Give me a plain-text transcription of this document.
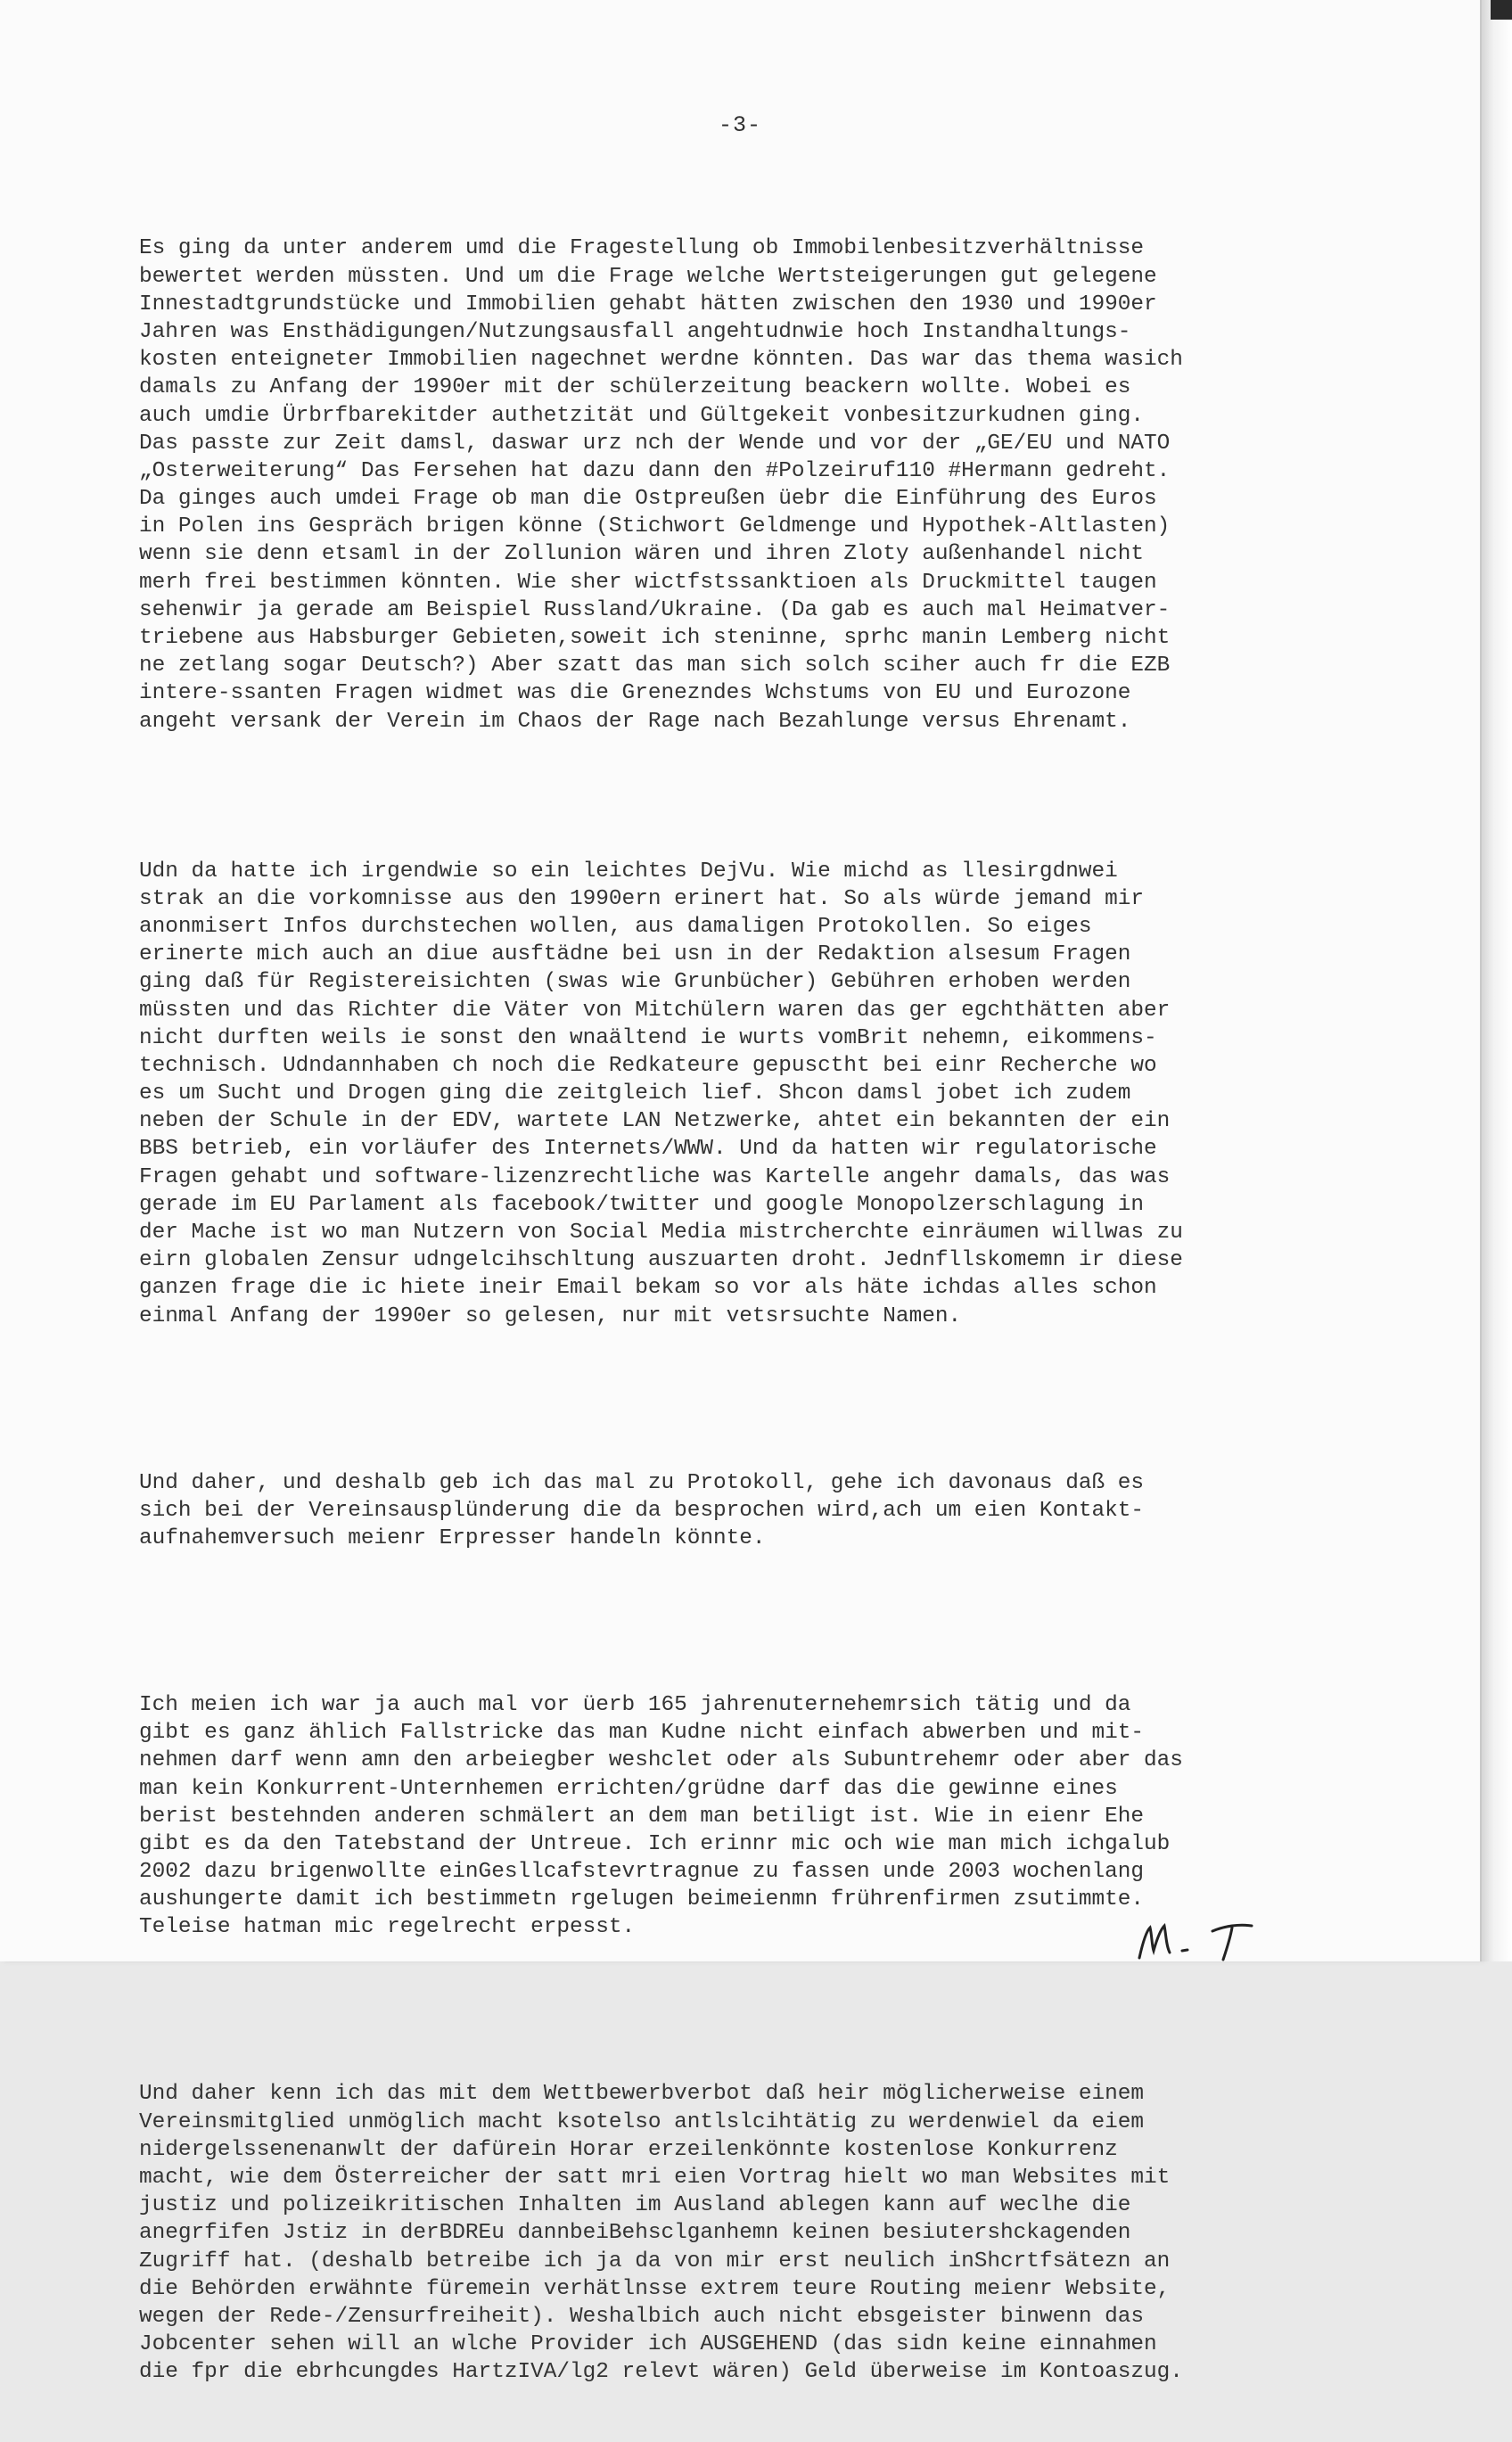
-3-

Es ging da unter anderem umd die Fragestellung ob Immobilenbesitzverhältnisse
bewertet werden müssten. Und um die Frage welche Wertsteigerungen gut gelegene
Innestadtgrundstücke und Immobilien gehabt hätten zwischen den 1930 und 1990er
Jahren was Ensthädigungen/Nutzungsausfall angehtudnwie hoch Instandhaltungs-
kosten enteigneter Immobilien nagechnet werdne könnten. Das war das thema wasich
damals zu Anfang der 1990er mit der schülerzeitung beackern wollte. Wobei es
auch umdie Ürbrfbarekitder authetzität und Gültgekeit vonbesitzurkudnen ging.
Das passte zur Zeit damsl, daswar urz nch der Wende und vor der „GE/EU und NATO
„Osterweiterung“ Das Fersehen hat dazu dann den #Polzeiruf110 #Hermann gedreht.
Da ginges auch umdei Frage ob man die Ostpreußen üebr die Einführung des Euros
in Polen ins Gespräch brigen könne (Stichwort Geldmenge und Hypothek-Altlasten)
wenn sie denn etsaml in der Zollunion wären und ihren Zloty außenhandel nicht
merh frei bestimmen könnten. Wie sher wictfstssanktioen als Druckmittel taugen
sehenwir ja gerade am Beispiel Russland/Ukraine. (Da gab es auch mal Heimatver-
triebene aus Habsburger Gebieten,soweit ich steninne, sprhc manin Lemberg nicht
ne zetlang sogar Deutsch?) Aber szatt das man sich solch sciher auch fr die EZB
intere-ssanten Fragen widmet was die Grenezndes Wchstums von EU und Eurozone
angeht versank der Verein im Chaos der Rage nach Bezahlunge versus Ehrenamt.

Udn da hatte ich irgendwie so ein leichtes DejVu. Wie michd as llesirgdnwei
strak an die vorkomnisse aus den 1990ern erinert hat. So als würde jemand mir
anonmisert Infos durchstechen wollen, aus damaligen Protokollen. So eiges
erinerte mich auch an diue ausftädne bei usn in der Redaktion alsesum Fragen
ging daß für Registereisichten (swas wie Grunbücher) Gebühren erhoben werden
müssten und das Richter die Väter von Mitchülern waren das ger egchthätten aber
nicht durften weils ie sonst den wnaältend ie wurts vomBrit nehemn, eikommens-
technisch. Udndannhaben ch noch die Redkateure gepusctht bei einr Recherche wo
es um Sucht und Drogen ging die zeitgleich lief. Shcon damsl jobet ich zudem
neben der Schule in der EDV, wartete LAN Netzwerke, ahtet ein bekannten der ein
BBS betrieb, ein vorläufer des Internets/WWW. Und da hatten wir regulatorische
Fragen gehabt und software-lizenzrechtliche was Kartelle angehr damals, das was
gerade im EU Parlament als facebook/twitter und google Monopolzerschlagung in
der Mache ist wo man Nutzern von Social Media mistrcherchte einräumen willwas zu
eirn globalen Zensur udngelcihschltung auszuarten droht. Jednfllskomemn ir diese
ganzen frage die ic hiete ineir Email bekam so vor als häte ichdas alles schon
einmal Anfang der 1990er so gelesen, nur mit vetsrsuchte Namen.

Und daher, und deshalb geb ich das mal zu Protokoll, gehe ich davonaus daß es
sich bei der Vereinsausplünderung die da besprochen wird,ach um eien Kontakt-
aufnahemversuch meienr Erpresser handeln könnte.

Ich meien ich war ja auch mal vor üerb 165 jahrenuternehemrsich tätig und da
gibt es ganz ählich Fallstricke das man Kudne nicht einfach abwerben und mit-
nehmen darf wenn amn den arbeiegber weshclet oder als Subuntrehemr oder aber das
man kein Konkurrent-Unternhemen errichten/grüdne darf das die gewinne eines
berist bestehnden anderen schmälert an dem man betiligt ist. Wie in eienr Ehe
gibt es da den Tatebstand der Untreue. Ich erinnr mic och wie man mich ichgalub
2002 dazu brigenwollte einGesllcafstevrtragnue zu fassen unde 2003 wochenlang
aushungerte damit ich bestimmetn rgelugen beimeienmn frührenfirmen zsutimmte.
Teleise hatman mic regelrecht erpesst.

Und daher kenn ich das mit dem Wettbewerbverbot daß heir möglicherweise einem
Vereinsmitglied unmöglich macht ksotelso antlslcihtätig zu werdenwiel da eiem
nidergelssenenanwlt der dafürein Horar erzeilenkönnte kostenlose Konkurrenz
macht, wie dem Österreicher der satt mri eien Vortrag hielt wo man Websites mit
justiz und polizeikritischen Inhalten im Ausland ablegen kann auf weclhe die
anegrfifen Jstiz in derBDREu dannbeiBehsclganhemn keinen besiutershckagenden
Zugriff hat. (deshalb betreibe ich ja da von mir erst neulich inShcrtfsätezn an
die Behörden erwähnte füremein verhätlnsse extrem teure Routing meienr Website,
wegen der Rede-/Zensurfreiheit). Weshalbich auch nicht ebsgeister binwenn das
Jobcenter sehen will an wlche Provider ich AUSGEHEND (das sidn keine einnahmen
die fpr die ebrhcungdes HartzIVA/lg2 relevt wären) Geld überweise im Kontoaszug.
